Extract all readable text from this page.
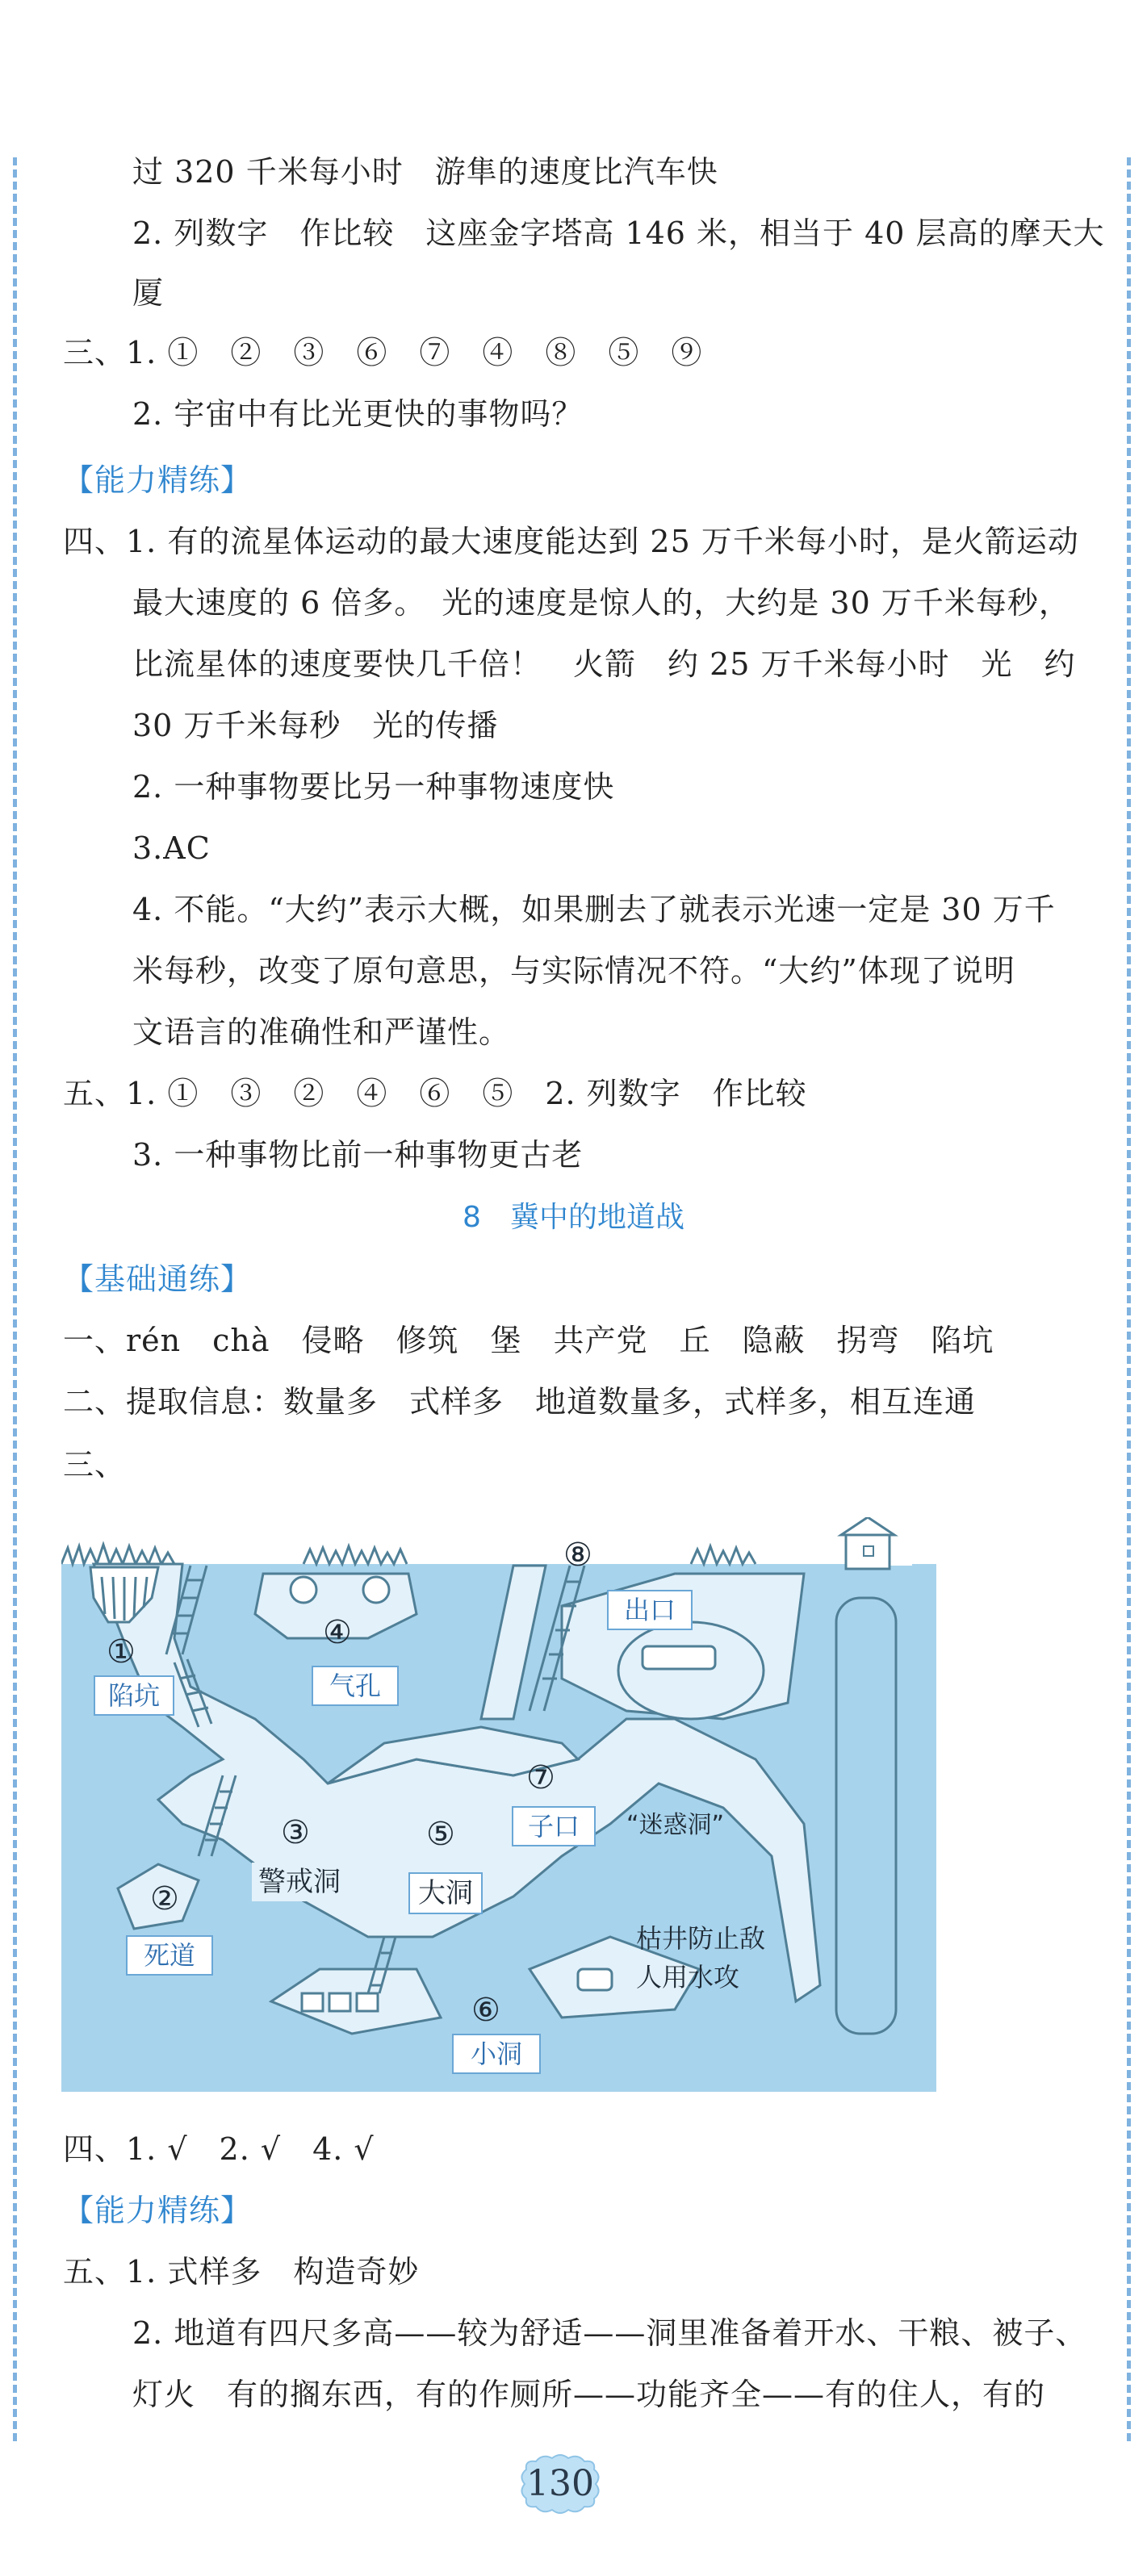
过 320 千米每小时　游隼的速度比汽车快
2. 列数字　作比较　这座金字塔高 146 米，相当于 40 层高的摩天大
厦
三、1. ①　②　③　⑥　⑦　④　⑧　⑤　⑨
2. 宇宙中有比光更快的事物吗？
【能力精练】
四、1. 有的流星体运动的最大速度能达到 25 万千米每小时，是火箭运动
最大速度的 6 倍多。　光的速度是惊人的，大约是 30 万千米每秒，
比流星体的速度要快几千倍！　火箭　约 25 万千米每小时　光　约
30 万千米每秒　光的传播
2. 一种事物要比另一种事物速度快
3.AC
4. 不能。“大约”表示大概，如果删去了就表示光速一定是 30 万千
米每秒，改变了原句意思，与实际情况不符。“大约”体现了说明
文语言的准确性和严谨性。
五、1. ①　③　②　④　⑥　⑤　2. 列数字　作比较
3. 一种事物比前一种事物更古老
8　冀中的地道战
【基础通练】
一、rén　chà　侵略　修筑　堡　共产党　丘　隐蔽　拐弯　陷坑
二、提取信息：数量多　式样多　地道数量多，式样多，相互连通
三、
①
陷坑
④
气孔
⑧
出口
③
警戒洞
⑤
大洞
⑦
子口	“迷惑洞”
②
死道
枯井防止敌
人用水攻
⑥
小洞
四、1. √　2. √　4. √
【能力精练】
五、1. 式样多　构造奇妙
2. 地道有四尺多高——较为舒适——洞里准备着开水、干粮、被子、
灯火　有的搁东西，有的作厕所——功能齐全——有的住人，有的
130
